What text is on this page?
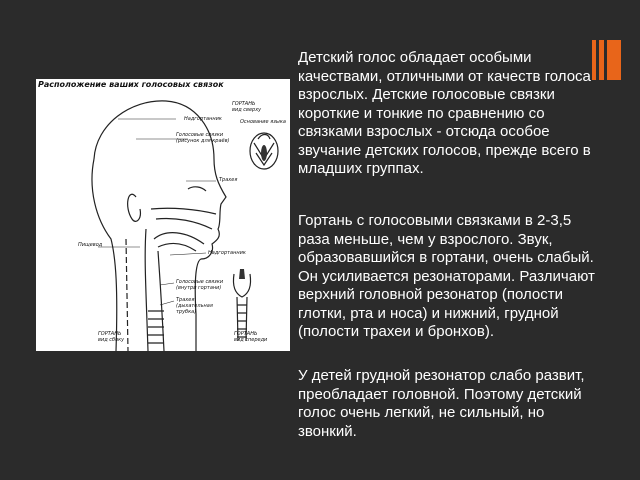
Расположение ваших голосовых связок
ГОРТАНЬ
вид сверху
Надгортанник	Основание языка
Голосовые связки
(рисунок для краёв)
Трахея
Пищевод
Надгортанник
Голосовые связки
(внутри гортани)
Трахея
(дыхательная
трубка)
ГОРТАНЬ
вид спереди
ГОРТАНЬ
вид сбоку

Детский голос обладает особыми качествами, отличными от качеств голоса взрослых. Детские голосовые связки короткие и тонкие по сравнению со связками взрослых - отсюда особое звучание детских голосов, прежде всего в младших группах.

Гортань с голосовыми связками в 2-3,5 раза меньше, чем у взрослого. Звук, образовавшийся в гортани, очень слабый. Он усиливается резонаторами. Различают верхний головной резонатор (полости глотки, рта и носа) и нижний, грудной (полости трахеи и бронхов).

У детей грудной резонатор слабо развит, преобладает головной. Поэтому детский голос очень легкий, не сильный, но звонкий.
